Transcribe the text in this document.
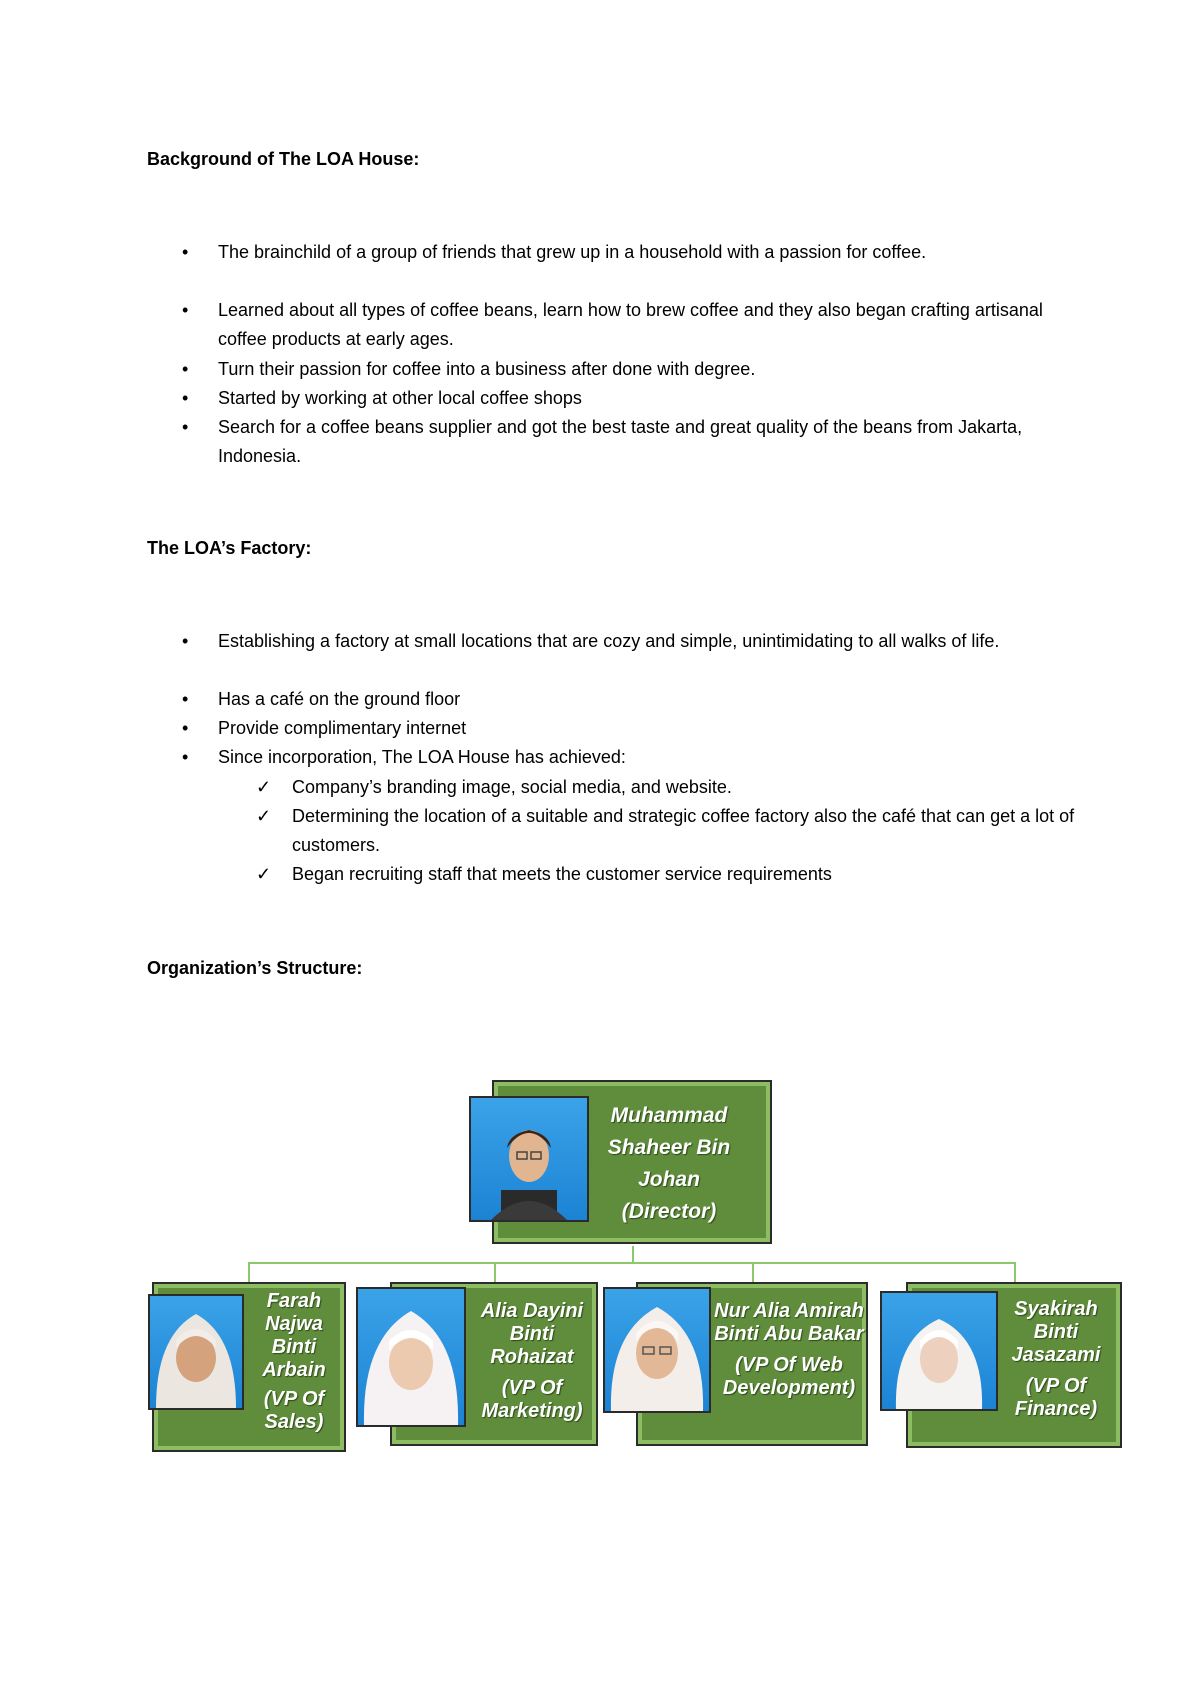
Background of The LOA House:
• The brainchild of a group of friends that grew up in a household with a passion for coffee.
• Learned about all types of coffee beans, learn how to brew coffee and they also began crafting artisanal coffee products at early ages.
• Turn their passion for coffee into a business after done with degree.
• Started by working at other local coffee shops
• Search for a coffee beans supplier and got the best taste and great quality of the beans from Jakarta, Indonesia.
The LOA’s Factory:
• Establishing a factory at small locations that are cozy and simple, unintimidating to all walks of life.
• Has a café on the ground floor
• Provide complimentary internet
• Since incorporation, The LOA House has achieved:
✓ Company’s branding image, social media, and website.
✓ Determining the location of a suitable and strategic coffee factory also the café that can get a lot of customers.
✓ Began recruiting staff that meets the customer service requirements
Organization’s Structure:
Muhammad Shaheer Bin Johan
(Director)
Farah Najwa Binti Arbain
(VP Of Sales)
Alia Dayini Binti Rohaizat
(VP Of Marketing)
Nur Alia Amirah Binti Abu Bakar
(VP Of Web Development)
Syakirah Binti Jasazami
(VP Of Finance)
